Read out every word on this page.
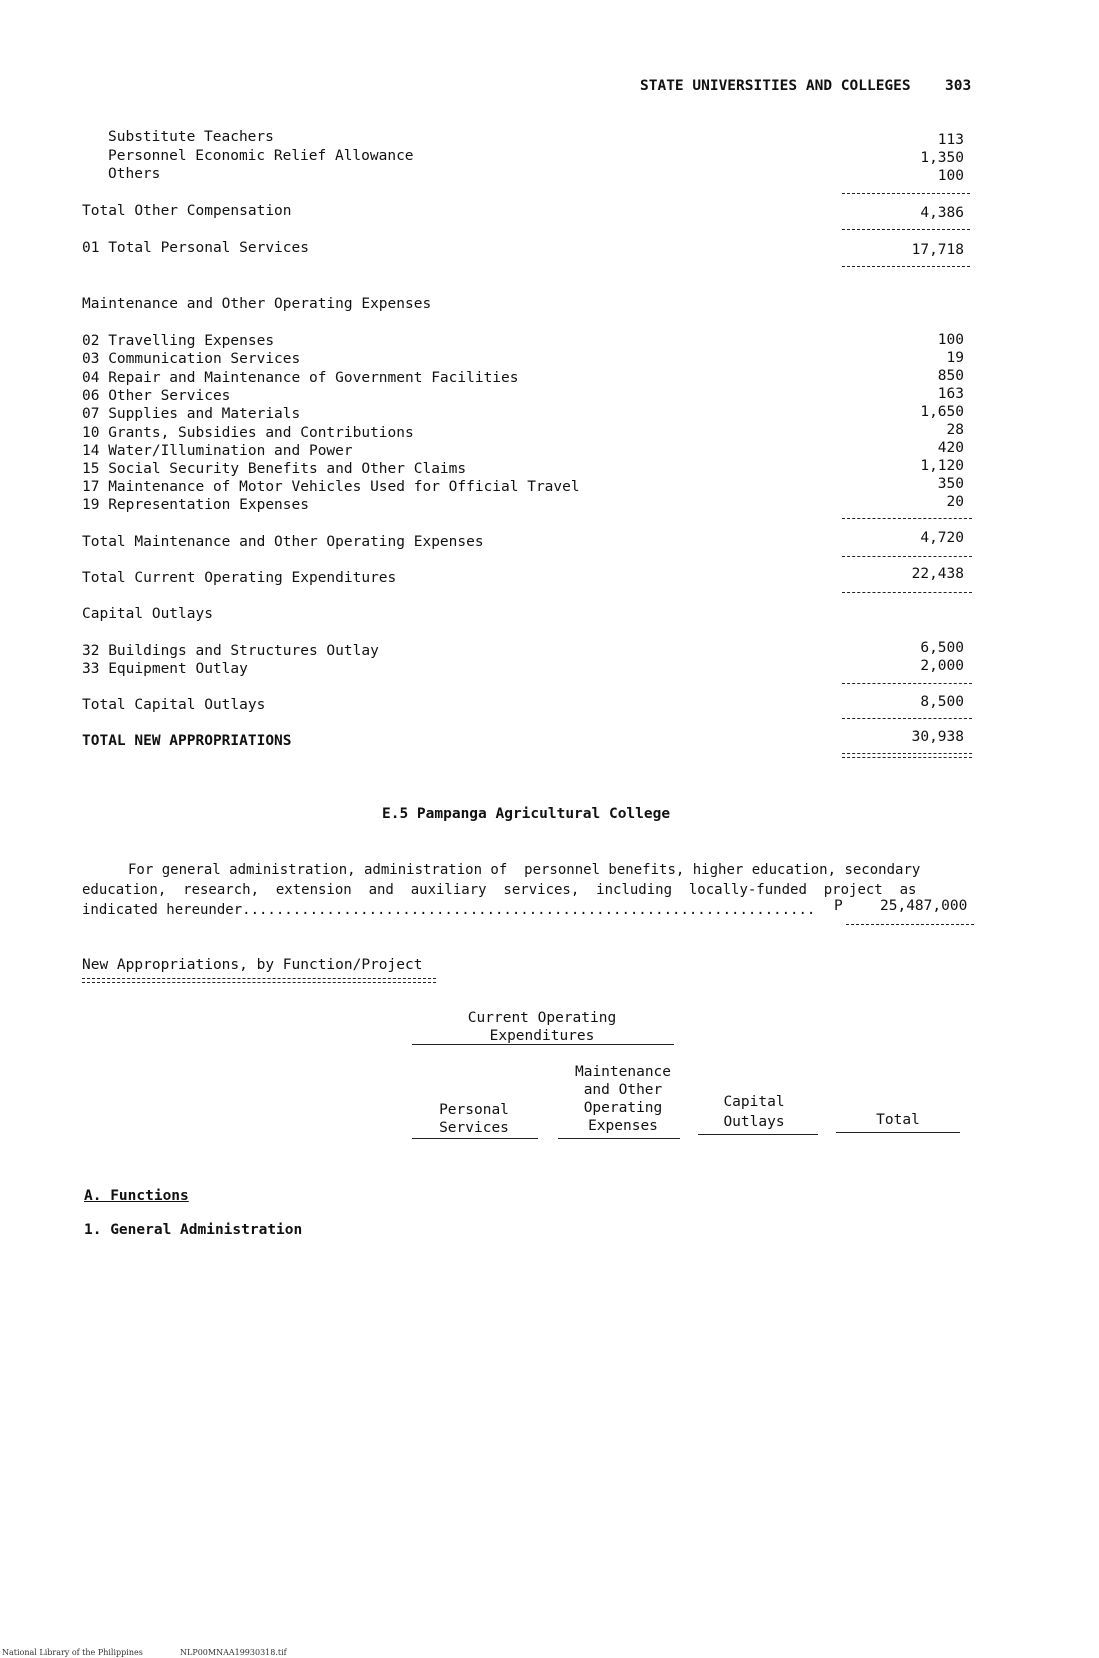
STATE UNIVERSITIES AND COLLEGES 303
Substitute Teachers	113
Personnel Economic Relief Allowance	1,350
Others	100
Total Other Compensation	4,386
01 Total Personal Services	17,718
Maintenance and Other Operating Expenses
02 Travelling Expenses	100
03 Communication Services	19
04 Repair and Maintenance of Government Facilities	850
06 Other Services	163
07 Supplies and Materials	1,650
10 Grants, Subsidies and Contributions	28
14 Water/Illumination and Power	420
15 Social Security Benefits and Other Claims	1,120
17 Maintenance of Motor Vehicles Used for Official Travel	350
19 Representation Expenses	20
Total Maintenance and Other Operating Expenses	4,720
Total Current Operating Expenditures	22,438
Capital Outlays
32 Buildings and Structures Outlay	6,500
33 Equipment Outlay	2,000
Total Capital Outlays	8,500
TOTAL NEW APPROPRIATIONS	30,938
E.5 Pampanga Agricultural College
For general administration, administration of  personnel benefits, higher education, secondary
education,  research,  extension  and  auxiliary  services,  including  locally-funded  project  as
indicated hereunder.................................................................... P	25,487,000
New Appropriations, by Function/Project
Current Operating
Expenditures
Maintenance
and Other
Operating
Expenses
Personal
Services
Capital
Outlays	Total
A. Functions
1. General Administration
National Library of the Philippines	NLP00MNAA19930318.tif
